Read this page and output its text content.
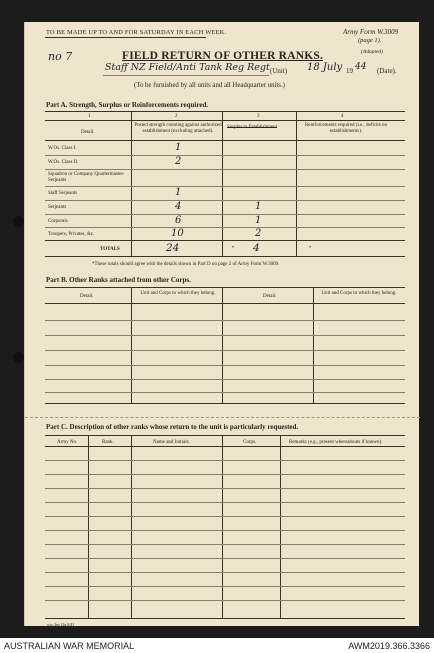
TO BE MADE UP TO AND FOR SATURDAY IN EACH WEEK.	Army Form W.3009
(page 1).
(Adapted)
no 7	FIELD RETURN OF OTHER RANKS.
Staff NZ Field/Anti Tank Reg Regt (Unit) 18 July 19 44 (Date).
(To be furnished by all units and all Headquarter units.)
Part A. Strength, Surplus or Reinforcements required.
1	2	3	4
Detail.
Posted strength counting against authorized establishment (excluding attached).
Surplus to Establishment	Reinforcements required (i.e., deficits on establishments).
W.Os. Class I.	1
W.Os. Class II.	2
Squadron or Company Quartermaster-Serjeants
Staff Serjeants	1
Serjeants	4	1
Corporals	6	1
Troopers, Privates, &c.	10	2
TOTALS	24	• 4	•
*These totals should agree with the details shown in Part D on page 2 of Army Form W.3009.
Part B. Other Ranks attached from other Corps.
Detail.
Unit and Corps to which they belong.
Detail.
Unit and Corps to which they belong.
Part C. Description of other ranks whose return to the unit is particularly requested.
Army No.	Rank.	Name and Initials.	Corps.	Remarks (e.g., present whereabouts if known).
a.w. 2m 14a 8/41
AUSTRALIAN WAR MEMORIAL	AWM2019.366.3366
